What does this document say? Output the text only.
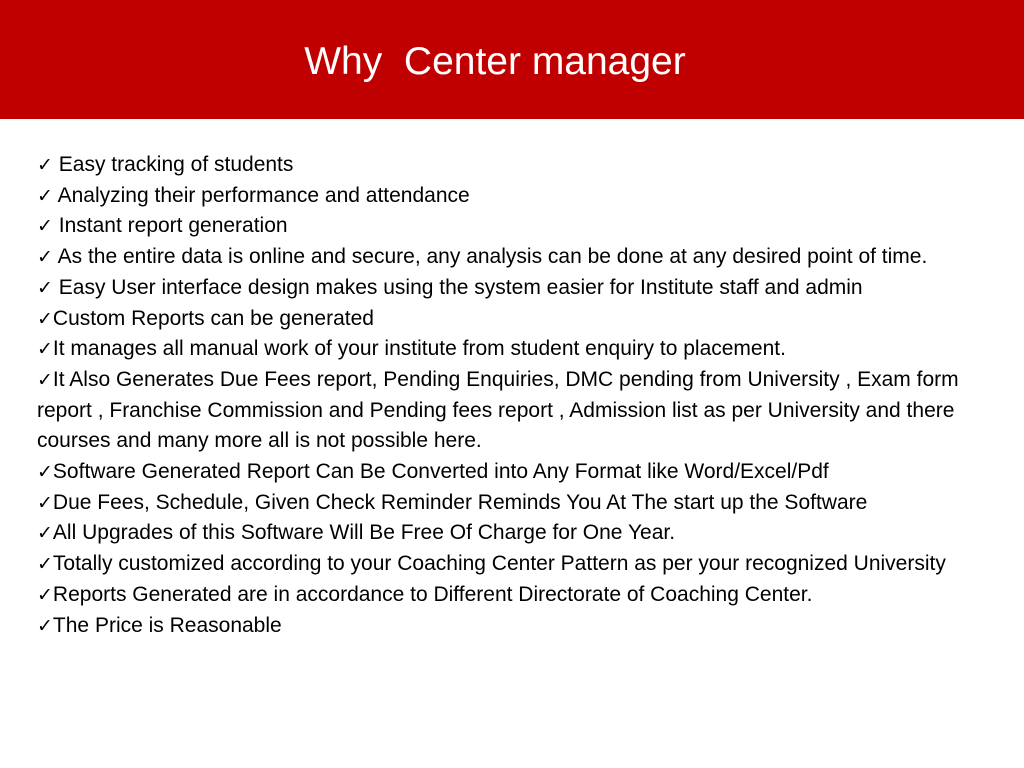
Why  Center manager
✓ Easy tracking of students
✓ Analyzing their performance and attendance
✓ Instant report generation
✓ As the entire data is online and secure, any analysis can be done at any desired point of time.
✓ Easy User interface design makes using the system easier for Institute staff and admin
✓Custom Reports can be generated
✓It manages all manual work of your institute from student enquiry to placement.
✓It Also Generates Due Fees report, Pending Enquiries, DMC pending from University , Exam form report , Franchise Commission and Pending fees report , Admission list as per University and there courses and many more all is not possible here.
✓Software Generated Report Can Be Converted into Any Format like Word/Excel/Pdf
✓Due Fees, Schedule, Given Check Reminder Reminds You At The start up the Software
✓All Upgrades of this Software Will Be Free Of Charge for One Year.
✓Totally customized according to your Coaching Center Pattern as per your recognized University
✓Reports Generated are in accordance to Different Directorate of Coaching Center.
✓The Price is Reasonable
